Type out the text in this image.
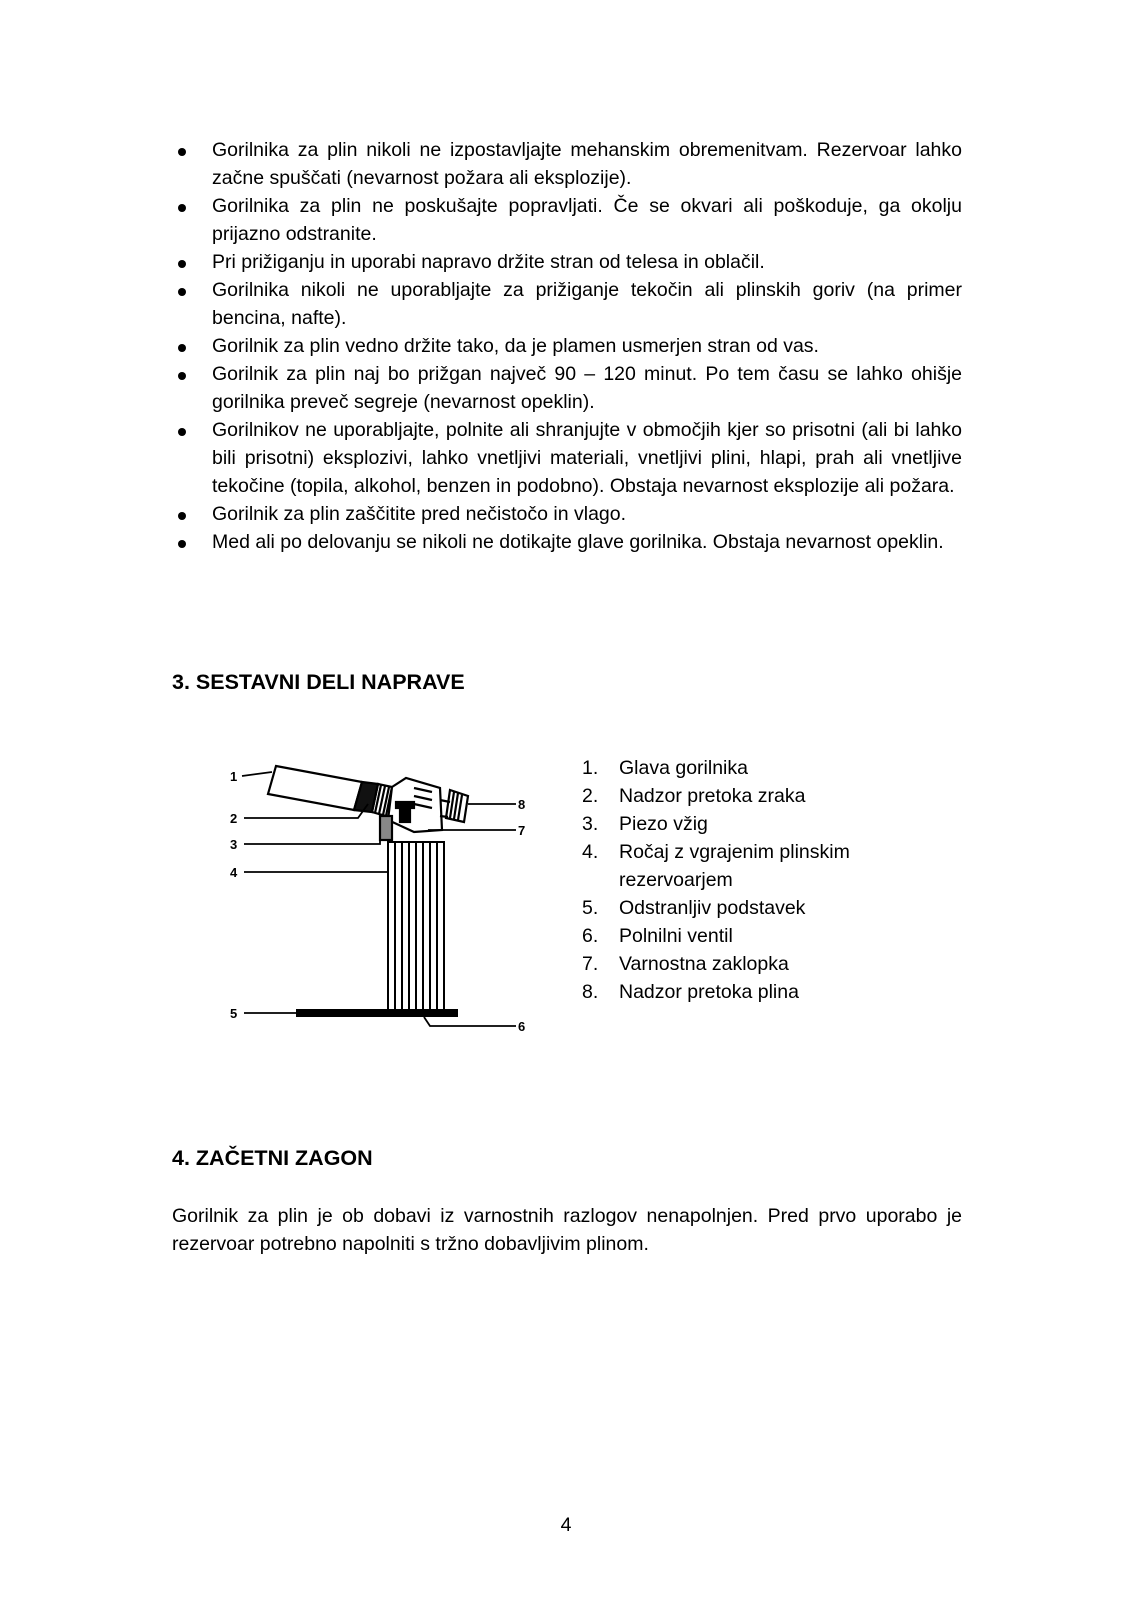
Gorilnika za plin nikoli ne izpostavljajte mehanskim obremenitvam. Rezervoar lahko začne spuščati (nevarnost požara ali eksplozije).
Gorilnika za plin ne poskušajte popravljati. Če se okvari ali poškoduje, ga okolju prijazno odstranite.
Pri prižiganju in uporabi napravo držite stran od telesa in oblačil.
Gorilnika nikoli ne uporabljajte za prižiganje tekočin ali plinskih goriv (na primer bencina, nafte).
Gorilnik za plin vedno držite tako, da je plamen usmerjen stran od vas.
Gorilnik za plin naj bo prižgan največ 90 – 120 minut. Po tem času se lahko ohišje gorilnika preveč segreje (nevarnost opeklin).
Gorilnikov ne uporabljajte, polnite ali shranjujte v območjih kjer so prisotni (ali bi lahko bili prisotni) eksplozivi, lahko vnetljivi materiali, vnetljivi plini, hlapi, prah ali vnetljive tekočine (topila, alkohol, benzen in podobno). Obstaja nevarnost eksplozije ali požara.
Gorilnik za plin zaščitite pred nečistočo in vlago.
Med ali po delovanju se nikoli ne dotikajte glave gorilnika. Obstaja nevarnost opeklin.
3. SESTAVNI DELI NAPRAVE
1
2
3
4
5
6
7
8
1. Glava gorilnika
2. Nadzor pretoka zraka
3. Piezo vžig
4. Ročaj z vgrajenim plinskim rezervoarjem
5. Odstranljiv podstavek
6. Polnilni ventil
7. Varnostna zaklopka
8. Nadzor pretoka plina
4. ZAČETNI ZAGON

Gorilnik za plin je ob dobavi iz varnostnih razlogov nenapolnjen. Pred prvo uporabo je rezervoar potrebno napolniti s tržno dobavljivim plinom.

4
